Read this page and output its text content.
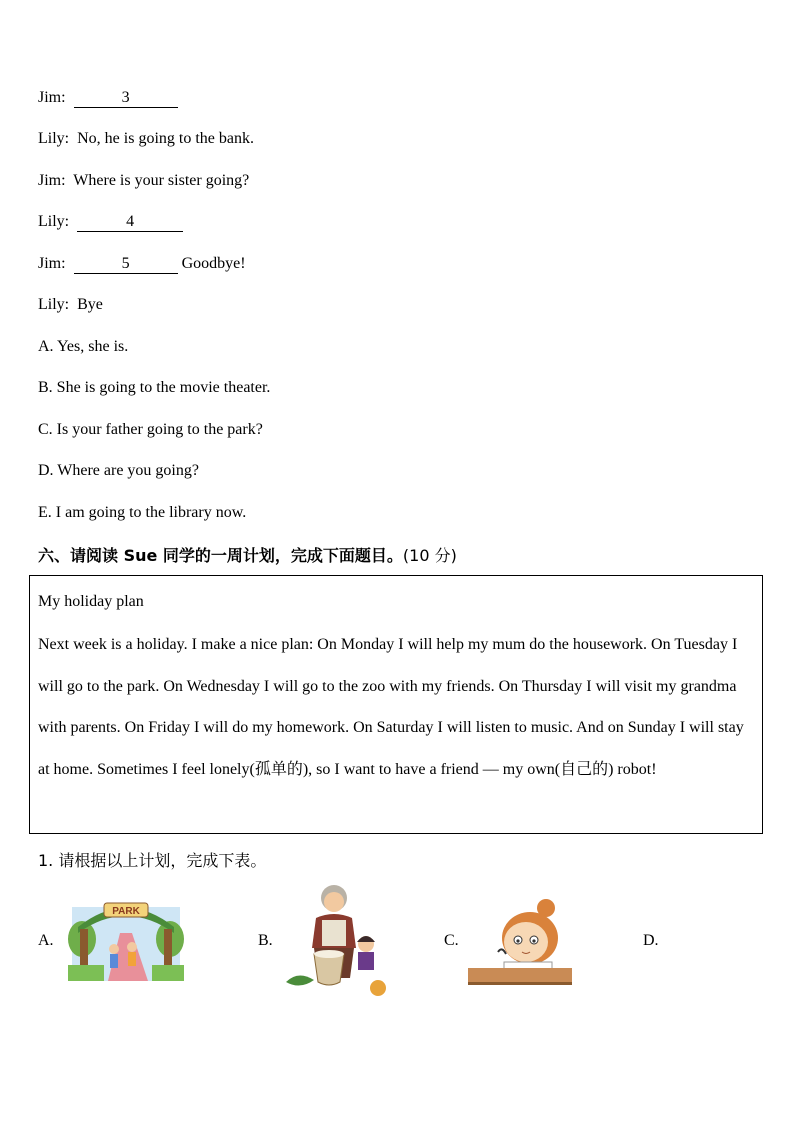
Jim:	3
Lily: No, he is going to the bank.
Jim: Where is your sister going?
Lily:	4
Jim:	5	Goodbye!
Lily: Bye
A. Yes, she is.
B. She is going to the movie theater.
C. Is your father going to the park?
D. Where are you going?
E. I am going to the library now.
六、请阅读 Sue 同学的一周计划，完成下面题目。(10 分)
My holiday plan

Next week is a holiday. I make a nice plan: On Monday I will help my mum do the housework. On Tuesday I will go to the park. On Wednesday I will go to the zoo with my friends. On Thursday I will visit my grandma with parents. On Friday I will do my homework. On Saturday I will listen to music. And on Sunday I will stay at home. Sometimes I feel lonely(孤单的), so I want to have a friend — my own(自己的) robot!

1. 请根据以上计划，完成下表。
A.	B.	C.	D.
PARK
